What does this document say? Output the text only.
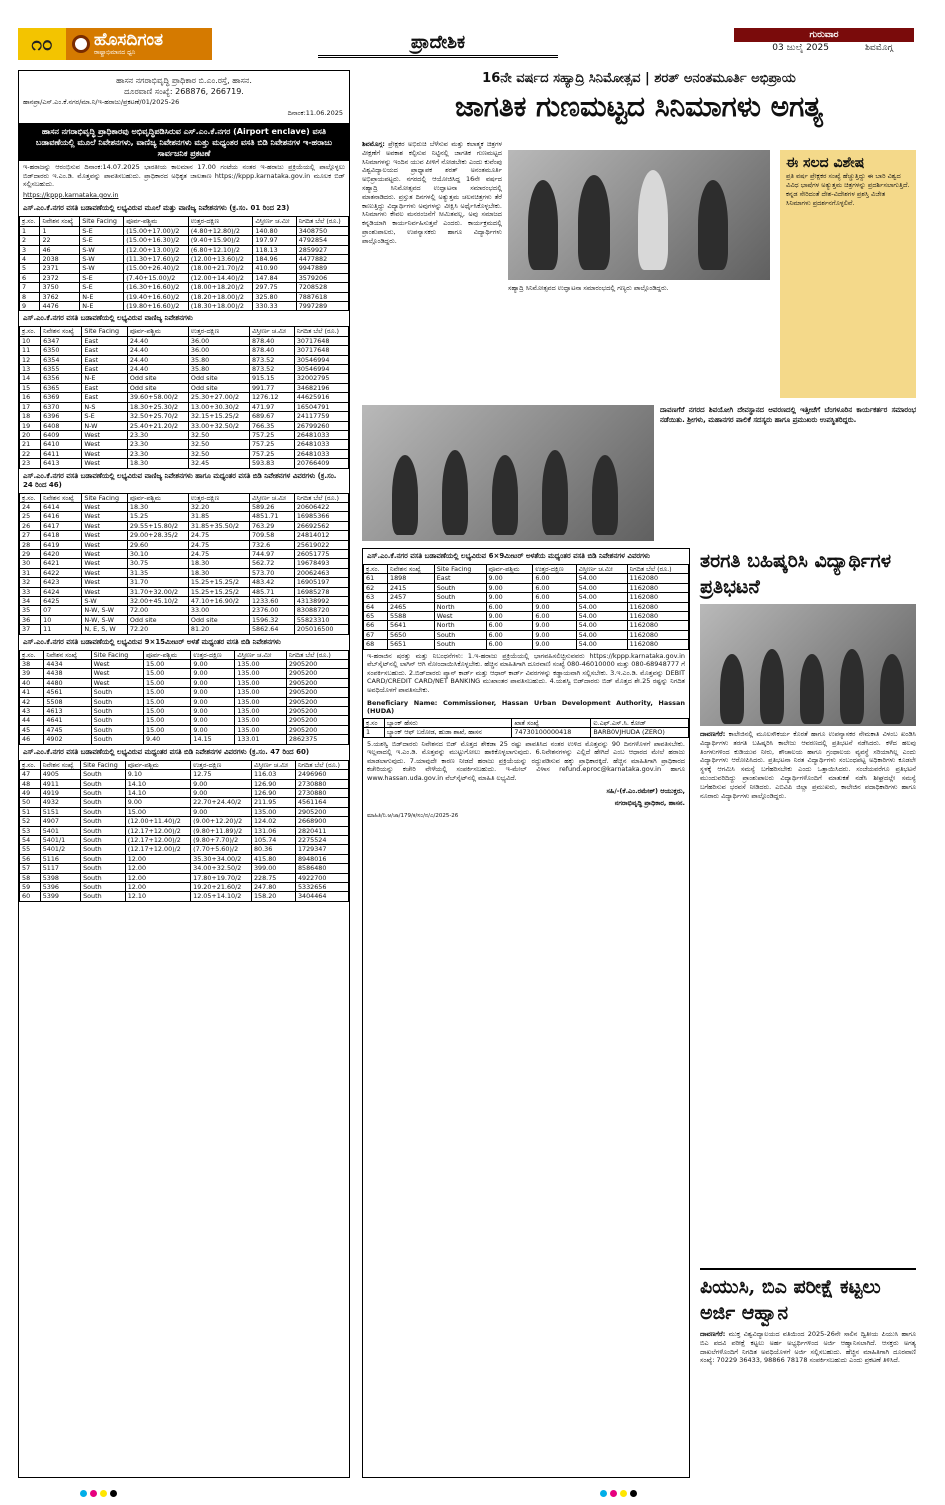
೧೦	ಹೊಸದಿಗಂತ
ರಾಷ್ಟ್ರಾಭಿಮಾನದ ಧ್ವನಿ	ಪ್ರಾದೇಶಿಕ	ಗುರುವಾರ
03 ಜುಲೈ 2025	ಶಿವಮೊಗ್ಗ
ಹಾಸನ ನಗರಾಭಿವೃದ್ಧಿ ಪ್ರಾಧಿಕಾರ ಬಿ.ಎಂ.ರಸ್ತೆ, ಹಾಸನ.
ದೂರವಾಣಿ ಸಂಖ್ಯೆ: 268876, 266719.
ಹಾನಪ್ರಾ/ಎಸ್.ಎಂ.ಕೆ.ನಗರ/ಮಾ.ನಿ/ಇ-ಹರಾಜು/ಪ್ರಕಟಣೆ/01/2025-26
ದಿನಾಂಕ:11.06.2025
ಹಾಸನ ನಗರಾಭಿವೃದ್ಧಿ ಪ್ರಾಧಿಕಾರವು ಅಭಿವೃದ್ಧಿಪಡಿಸಿರುವ ಎಸ್.ಎಂ.ಕೆ.ನಗರ (Airport enclave) ವಸತಿ ಬಡಾವಣೆಯಲ್ಲಿ ಮೂಲೆ ನಿವೇಶನಗಳು, ವಾಣಿಜ್ಯ ನಿವೇಶನಗಳು ಮತ್ತು ಮಧ್ಯಂತರ ವಸತಿ ಬಿಡಿ ನಿವೇಶನಗಳ ಇ-ಹರಾಜು ಸಾರ್ವಜನಿಕ ಪ್ರಕಟಣೆ
ಇ-ಹರಾಜನ್ನು ಆರಂಭಿಸುವ ದಿನಾಂಕ:14.07.2025 ಭಾರತೀಯ ಕಾಲಮಾನ 17.00 ಗಂಟೆಯ ನಂತರ ಇ-ಹರಾಜು ಪ್ರಕ್ರಿಯೆಯಲ್ಲಿ ಪಾಲ್ಗೊಳ್ಳಲು ಬಿಡ್‌ದಾರರು ಇ.ಎಂ.ಡಿ. ಮೊತ್ತವನ್ನು ಪಾವತಿಸಬಹುದು. ಪ್ರಾಧಿಕಾರದ ಅಧಿಕೃತ ಜಾಲತಾಣ https://kppp.karnataka.gov.in ಮೂಲಕ ಬಿಡ್ ಸಲ್ಲಿಸಬಹುದು.
https://kppp.karnataka.gov.in
ಎಸ್.ಎಂ.ಕೆ.ನಗರ ವಸತಿ ಬಡಾವಣೆಯಲ್ಲಿ ಲಭ್ಯವಿರುವ ಮೂಲೆ ಮತ್ತು ವಾಣಿಜ್ಯ ನಿವೇಶನಗಳು (ಕ್ರ.ಸಂ. 01 ರಿಂದ 23)
ಕ್ರ.ಸಂ.	ನಿವೇಶನ ಸಂಖ್ಯೆ	Site Facing	ಪೂರ್ವ-ಪಶ್ಚಿಮ	ಉತ್ತರ-ದಕ್ಷಿಣ	ವಿಸ್ತೀರ್ಣ ಚ.ಮೀ	ನಿಗದಿತ ಬೆಲೆ (ರೂ.)
1	1	S-E	(15.00+17.00)/2	(4.80+12.80)/2	140.80	3408750
2	22	S-E	(15.00+16.30)/2	(9.40+15.90)/2	197.97	4792854
3	46	S-W	(12.00+13.00)/2	(6.80+12.10)/2	118.13	2859927
4	2038	S-W	(11.30+17.60)/2	(12.00+13.60)/2	184.96	4477882
5	2371	S-W	(15.00+26.40)/2	(18.00+21.70)/2	410.90	9947889
6	2372	S-E	(7.40+15.00)/2	(12.00+14.40)/2	147.84	3579206
7	3750	S-E	(16.30+16.60)/2	(18.00+18.20)/2	297.75	7208528
8	3762	N-E	(19.40+16.60)/2	(18.20+18.00)/2	325.80	7887618
9	4476	N-E	(19.80+16.60)/2	(18.30+18.00)/2	330.33	7997289
ಎಸ್.ಎಂ.ಕೆ.ನಗರ ವಸತಿ ಬಡಾವಣೆಯಲ್ಲಿ ಲಭ್ಯವಿರುವ ವಾಣಿಜ್ಯ ನಿವೇಶನಗಳು
ಕ್ರ.ಸಂ.	ನಿವೇಶನ ಸಂಖ್ಯೆ	Site Facing	ಪೂರ್ವ-ಪಶ್ಚಿಮ	ಉತ್ತರ-ದಕ್ಷಿಣ	ವಿಸ್ತೀರ್ಣ ಚ.ಮೀ	ನಿಗದಿತ ಬೆಲೆ (ರೂ.)
10	6347	East	24.40	36.00	878.40	30717648
11	6350	East	24.40	36.00	878.40	30717648
12	6354	East	24.40	35.80	873.52	30546994
13	6355	East	24.40	35.80	873.52	30546994
14	6356	N-E	Odd site	Odd site	915.15	32002795
15	6365	East	Odd site	Odd site	991.77	34682196
16	6369	East	39.60+58.00/2	25.30+27.00/2	1276.12	44625916
17	6370	N-S	18.30+25.30/2	13.00+30.30/2	471.97	16504791
18	6396	S-E	32.50+25.70/2	32.15+15.25/2	689.67	24117759
19	6408	N-W	25.40+21.20/2	33.00+32.50/2	766.35	26799260
20	6409	West	23.30	32.50	757.25	26481033
21	6410	West	23.30	32.50	757.25	26481033
22	6411	West	23.30	32.50	757.25	26481033
23	6413	West	18.30	32.45	593.83	20766409
ಎಸ್.ಎಂ.ಕೆ.ನಗರ ವಸತಿ ಬಡಾವಣೆಯಲ್ಲಿ ಲಭ್ಯವಿರುವ ವಾಣಿಜ್ಯ ನಿವೇಶನಗಳು ಹಾಗೂ ಮಧ್ಯಂತರ ವಸತಿ ಬಿಡಿ ನಿವೇಶನಗಳ ವಿವರಗಳು (ಕ್ರ.ಸಂ. 24 ರಿಂದ 46)
ಕ್ರ.ಸಂ.	ನಿವೇಶನ ಸಂಖ್ಯೆ	Site Facing	ಪೂರ್ವ-ಪಶ್ಚಿಮ	ಉತ್ತರ-ದಕ್ಷಿಣ	ವಿಸ್ತೀರ್ಣ ಚ.ಮೀ	ನಿಗದಿತ ಬೆಲೆ (ರೂ.)
24	6414	West	18.30	32.20	589.26	20606422
25	6416	West	15.25	31.85	4851.71	16985366
26	6417	West	29.55+15.80/2	31.85+35.50/2	763.29	26692562
27	6418	West	29.00+28.35/2	24.75	709.58	24814012
28	6419	West	29.60	24.75	732.6	25619022
29	6420	West	30.10	24.75	744.97	26051775
30	6421	West	30.75	18.30	562.72	19678493
31	6422	West	31.35	18.30	573.70	20062463
32	6423	West	31.70	15.25+15.25/2	483.42	16905197
33	6424	West	31.70+32.00/2	15.25+15.25/2	485.71	16985278
34	6425	S-W	32.00+45.10/2	47.10+16.90/2	1233.60	43138992
35	07	N-W, S-W	72.00	33.00	2376.00	83088720
36	10	N-W, S-W	Odd site	Odd site	1596.32	55823310
37	11	N, E, S, W	72.20	81.20	5862.64	205016500
ಎಸ್.ಎಂ.ಕೆ.ನಗರ ವಸತಿ ಬಡಾವಣೆಯಲ್ಲಿ ಲಭ್ಯವಿರುವ 9×15ಮೀಟರ್ ಅಳತೆ ಮಧ್ಯಂತರ ವಸತಿ ಬಿಡಿ ನಿವೇಶನಗಳು
ಕ್ರ.ಸಂ.	ನಿವೇಶನ ಸಂಖ್ಯೆ	Site Facing	ಪೂರ್ವ-ಪಶ್ಚಿಮ	ಉತ್ತರ-ದಕ್ಷಿಣ	ವಿಸ್ತೀರ್ಣ ಚ.ಮೀ	ನಿಗದಿತ ಬೆಲೆ (ರೂ.)
38	4434	West	15.00	9.00	135.00	2905200
39	4438	West	15.00	9.00	135.00	2905200
40	4480	West	15.00	9.00	135.00	2905200
41	4561	South	15.00	9.00	135.00	2905200
42	5508	South	15.00	9.00	135.00	2905200
43	4613	South	15.00	9.00	135.00	2905200
44	4641	South	15.00	9.00	135.00	2905200
45	4745	South	15.00	9.00	135.00	2905200
46	4902	South	9.40	14.15	133.01	2862375
ಎಸ್.ಎಂ.ಕೆ.ನಗರ ವಸತಿ ಬಡಾವಣೆಯಲ್ಲಿ ಲಭ್ಯವಿರುವ ಮಧ್ಯಂತರ ವಸತಿ ಬಿಡಿ ನಿವೇಶನಗಳ ವಿವರಗಳು (ಕ್ರ.ಸಂ. 47 ರಿಂದ 60)
ಕ್ರ.ಸಂ.	ನಿವೇಶನ ಸಂಖ್ಯೆ	Site Facing	ಪೂರ್ವ-ಪಶ್ಚಿಮ	ಉತ್ತರ-ದಕ್ಷಿಣ	ವಿಸ್ತೀರ್ಣ ಚ.ಮೀ	ನಿಗದಿತ ಬೆಲೆ (ರೂ.)
47	4905	South	9.10	12.75	116.03	2496960
48	4911	South	14.10	9.00	126.90	2730880
49	4919	South	14.10	9.00	126.90	2730880
50	4932	South	9.00	22.70+24.40/2	211.95	4561164
51	5151	South	15.00	9.00	135.00	2905200
52	4907	South	(12.00+11.40)/2	(9.00+12.20)/2	124.02	2668900
53	5401	South	(12.17+12.00)/2	(9.80+11.89)/2	131.06	2820411
54	5401/1	South	(12.17+12.00)/2	(9.80+7.70)/2	105.74	2275524
55	5401/2	South	(12.17+12.00)/2	(7.70+5.60)/2	80.36	1729347
56	5116	South	12.00	35.30+34.00/2	415.80	8948016
57	5117	South	12.00	34.00+32.50/2	399.00	8586480
58	5398	South	12.00	17.80+19.70/2	228.75	4922700
59	5396	South	12.00	19.20+21.60/2	247.80	5332656
60	5399	South	12.10	12.05+14.10/2	158.20	3404464
16ನೇ ವರ್ಷದ ಸಹ್ಯಾದ್ರಿ ಸಿನಿಮೋತ್ಸವ | ಶರತ್ ಅನಂತಮೂರ್ತಿ ಅಭಿಪ್ರಾಯ
ಜಾಗತಿಕ ಗುಣಮಟ್ಟದ ಸಿನಿಮಾಗಳು ಅಗತ್ಯ
ಶಿವಮೊಗ್ಗ: ಪ್ರೇಕ್ಷಕರ ಅಭಿರುಚಿ ಬೆಳೆಸುವ ಮತ್ತು ಕಲಾತ್ಮಕ ಚಿತ್ರಗಳ ವೀಕ್ಷಣೆಗೆ ಅವಕಾಶ ಕಲ್ಪಿಸುವ ನಿಟ್ಟಿನಲ್ಲಿ ಜಾಗತಿಕ ಗುಣಮಟ್ಟದ ಸಿನಿಮಾಗಳನ್ನು ಇಂದಿನ ಯುವ ಪೀಳಿಗೆ ನೋಡಬೇಕು ಎಂದು ಕುವೆಂಪು ವಿಶ್ವವಿದ್ಯಾಲಯದ ಪ್ರಾಧ್ಯಾಪಕ ಶರತ್ ಅನಂತಮೂರ್ತಿ ಅಭಿಪ್ರಾಯಪಟ್ಟರು. ನಗರದಲ್ಲಿ ಆಯೋಜಿಸಿದ್ದ 16ನೇ ವರ್ಷದ ಸಹ್ಯಾದ್ರಿ ಸಿನಿಮೋತ್ಸವದ ಉದ್ಘಾಟನಾ ಸಮಾರಂಭದಲ್ಲಿ ಮಾತನಾಡಿದರು. ಪ್ರಸ್ತುತ ದಿನಗಳಲ್ಲಿ ಅತ್ಯುತ್ತಮ ಚಲನಚಿತ್ರಗಳು ತೆರೆ ಕಾಣುತ್ತಿದ್ದು ವಿದ್ಯಾರ್ಥಿಗಳು ಅವುಗಳನ್ನು ವೀಕ್ಷಿಸಿ ಅರ್ಥೈಸಿಕೊಳ್ಳಬೇಕು. ಸಿನಿಮಾಗಳು ಕೇವಲ ಮನರಂಜನೆಗೆ ಸೀಮಿತವಲ್ಲ, ಅವು ಸಮಾಜದ ಕನ್ನಡಿಯಾಗಿ ಕಾರ್ಯನಿರ್ವಹಿಸುತ್ತವೆ ಎಂದರು. ಕಾರ್ಯಕ್ರಮದಲ್ಲಿ ಪ್ರಾಂಶುಪಾಲರು, ಉಪನ್ಯಾಸಕರು ಹಾಗೂ ವಿದ್ಯಾರ್ಥಿಗಳು ಪಾಲ್ಗೊಂಡಿದ್ದರು.
ಸಹ್ಯಾದ್ರಿ ಸಿನಿಮೋತ್ಸವದ ಉದ್ಘಾಟನಾ ಸಮಾರಂಭದಲ್ಲಿ ಗಣ್ಯರು ಪಾಲ್ಗೊಂಡಿದ್ದರು.
ಈ ಸಲದ ವಿಶೇಷ
ಪ್ರತಿ ವರ್ಷ ಪ್ರೇಕ್ಷಕರ ಸಂಖ್ಯೆ ಹೆಚ್ಚುತ್ತಿದ್ದು ಈ ಬಾರಿ ವಿಶ್ವದ ವಿವಿಧ ಭಾಷೆಗಳ ಅತ್ಯುತ್ತಮ ಚಿತ್ರಗಳನ್ನು ಪ್ರದರ್ಶಿಸಲಾಗುತ್ತಿದೆ. ಕನ್ನಡ ಸೇರಿದಂತೆ ದೇಶ-ವಿದೇಶಗಳ ಪ್ರಶಸ್ತಿ ವಿಜೇತ ಸಿನಿಮಾಗಳು ಪ್ರದರ್ಶನಗೊಳ್ಳಲಿವೆ.
ದಾವಣಗೆರೆ ನಗರದ ಶಿವಯೋಗಿ ದೇವಸ್ಥಾನದ ಆವರಣದಲ್ಲಿ ಇತ್ತೀಚೆಗೆ ಬೆಂಗಳೂರಿನ ಕಾರ್ಯಕರ್ತರ ಸಮಾರಂಭ ನಡೆಯಿತು. ಶ್ರೀಗಳು, ಮಹಾನಗರ ಪಾಲಿಕೆ ಸದಸ್ಯರು ಹಾಗೂ ಪ್ರಮುಖರು ಉಪಸ್ಥಿತರಿದ್ದರು.
ಎಸ್.ಎಂ.ಕೆ.ನಗರ ವಸತಿ ಬಡಾವಣೆಯಲ್ಲಿ ಲಭ್ಯವಿರುವ 6×9ಮೀಟರ್ ಅಳತೆಯ ಮಧ್ಯಂತರ ವಸತಿ ಬಿಡಿ ನಿವೇಶನಗಳ ವಿವರಗಳು
ಕ್ರ.ಸಂ.	ನಿವೇಶನ ಸಂಖ್ಯೆ	Site Facing	ಪೂರ್ವ-ಪಶ್ಚಿಮ	ಉತ್ತರ-ದಕ್ಷಿಣ	ವಿಸ್ತೀರ್ಣ ಚ.ಮೀ	ನಿಗದಿತ ಬೆಲೆ (ರೂ.)
61	1898	East	9.00	6.00	54.00	1162080
62	2415	South	9.00	6.00	54.00	1162080
63	2457	South	9.00	6.00	54.00	1162080
64	2465	North	6.00	9.00	54.00	1162080
65	5588	West	9.00	6.00	54.00	1162080
66	5641	North	6.00	9.00	54.00	1162080
67	5650	South	6.00	9.00	54.00	1162080
68	5651	South	6.00	9.00	54.00	1162080
ಇ-ಹರಾಜಿನ ಷರತ್ತು ಮತ್ತು ನಿಬಂಧನೆಗಳು: 1.ಇ-ಹರಾಜು ಪ್ರಕ್ರಿಯೆಯಲ್ಲಿ ಭಾಗವಹಿಸಲಿಚ್ಛಿಸುವವರು https://kppp.karnataka.gov.in ವೆಬ್‌ಸೈಟ್‌ನಲ್ಲಿ ಲಾಗಿನ್ ಆಗಿ ನೋಂದಾಯಿಸಿಕೊಳ್ಳಬೇಕು. ಹೆಚ್ಚಿನ ಮಾಹಿತಿಗಾಗಿ ದೂರವಾಣಿ ಸಂಖ್ಯೆ 080-46010000 ಮತ್ತು 080-68948777 ಗೆ ಸಂಪರ್ಕಿಸಬಹುದು. 2.ಬಿಡ್‌ದಾರರು ಪ್ಯಾನ್ ಕಾರ್ಡ್ ಮತ್ತು ಆಧಾರ್ ಕಾರ್ಡ್ ವಿವರಗಳನ್ನು ಕಡ್ಡಾಯವಾಗಿ ಸಲ್ಲಿಸಬೇಕು. 3.ಇ.ಎಂ.ಡಿ. ಮೊತ್ತವನ್ನು DEBIT CARD/CREDIT CARD/NET BANKING ಮುಖಾಂತರ ಪಾವತಿಸಬಹುದು. 4.ಯಶಸ್ವಿ ಬಿಡ್‌ದಾರರು ಬಿಡ್ ಮೊತ್ತದ ಶೇ.25 ರಷ್ಟನ್ನು ನಿಗದಿತ ಅವಧಿಯೊಳಗೆ ಪಾವತಿಸಬೇಕು.
Beneficiary Name: Commissioner, Hassan Urban Development Authority, Hassan (HUDA)
ಕ್ರ.ಸಂ	ಬ್ಯಾಂಕ್ ಹೆಸರು	ಖಾತೆ ಸಂಖ್ಯೆ	ಐ.ಎಫ್.ಎಸ್.ಸಿ. ಕೋಡ್
1	ಬ್ಯಾಂಕ್ ಆಫ್ ಬರೋಡ, ಹುಡಾ ಶಾಖೆ, ಹಾಸನ	74730100000418	BARB0VJHUDA (ZERO)
5.ಯಶಸ್ವಿ ಬಿಡ್‌ದಾರರು ನಿವೇಶನದ ಬಿಡ್ ಮೊತ್ತದ ಶೇಕಡಾ 25 ರಷ್ಟು ಪಾವತಿಸಿದ ನಂತರ ಉಳಿದ ಮೊತ್ತವನ್ನು 90 ದಿನಗಳೊಳಗೆ ಪಾವತಿಸಬೇಕು. ಇಲ್ಲವಾದಲ್ಲಿ ಇ.ಎಂ.ಡಿ. ಮೊತ್ತವನ್ನು ಮುಟ್ಟುಗೋಲು ಹಾಕಿಕೊಳ್ಳಲಾಗುವುದು. 6.ನಿವೇಶನಗಳನ್ನು ಎಲ್ಲಿದೆ ಹೇಗಿದೆ ಎಂಬ ಆಧಾರದ ಮೇಲೆ ಹರಾಜು ಮಾಡಲಾಗುವುದು. 7.ಯಾವುದೇ ಕಾರಣ ನೀಡದೆ ಹರಾಜು ಪ್ರಕ್ರಿಯೆಯನ್ನು ರದ್ದುಪಡಿಸುವ ಹಕ್ಕು ಪ್ರಾಧಿಕಾರಕ್ಕಿದೆ. ಹೆಚ್ಚಿನ ಮಾಹಿತಿಗಾಗಿ ಪ್ರಾಧಿಕಾರದ ಕಚೇರಿಯನ್ನು ಕಚೇರಿ ವೇಳೆಯಲ್ಲಿ ಸಂಪರ್ಕಿಸಬಹುದು. ಇ-ಮೇಲ್ ವಿಳಾಸ refund.eproc@karnataka.gov.in ಹಾಗೂ www.hassan.uda.gov.in ವೆಬ್‌ಸೈಟ್‌ನಲ್ಲಿ ಮಾಹಿತಿ ಲಭ್ಯವಿದೆ.
ಸಹಿ/-(ಕೆ.ಎಂ.ರಮೇಶ್) ಆಯುಕ್ತರು,
ನಗರಾಭಿವೃದ್ಧಿ ಪ್ರಾಧಿಕಾರ, ಹಾಸನ.
ಮಾಹಿತಿ/ನಿ.ಆ/ಜಾ/179/ಕ/ಸ೦/ನ/ಎ/2025-26
ತರಗತಿ ಬಹಿಷ್ಕರಿಸಿ ವಿದ್ಯಾರ್ಥಿಗಳ ಪ್ರತಿಭಟನೆ
ದಾವಣಗೆರೆ: ಕಾಲೇಜಿನಲ್ಲಿ ಮೂಲಸೌಕರ್ಯ ಕೊರತೆ ಹಾಗೂ ಉಪನ್ಯಾಸಕರ ನೇಮಕಾತಿ ವಿಳಂಬ ಖಂಡಿಸಿ ವಿದ್ಯಾರ್ಥಿಗಳು ತರಗತಿ ಬಹಿಷ್ಕರಿಸಿ ಕಾಲೇಜು ಆವರಣದಲ್ಲಿ ಪ್ರತಿಭಟನೆ ನಡೆಸಿದರು. ಕಳೆದ ಹಲವು ತಿಂಗಳುಗಳಿಂದ ಕುಡಿಯುವ ನೀರು, ಶೌಚಾಲಯ ಹಾಗೂ ಗ್ರಂಥಾಲಯ ವ್ಯವಸ್ಥೆ ಸರಿಯಾಗಿಲ್ಲ ಎಂದು ವಿದ್ಯಾರ್ಥಿಗಳು ಆರೋಪಿಸಿದರು. ಪ್ರತಿಭಟನಾ ನಿರತ ವಿದ್ಯಾರ್ಥಿಗಳು ಸಂಬಂಧಪಟ್ಟ ಅಧಿಕಾರಿಗಳು ಕೂಡಲೇ ಸ್ಥಳಕ್ಕೆ ಆಗಮಿಸಿ ಸಮಸ್ಯೆ ಬಗೆಹರಿಸಬೇಕು ಎಂದು ಒತ್ತಾಯಿಸಿದರು. ಸಂಜೆಯವರೆಗೂ ಪ್ರತಿಭಟನೆ ಮುಂದುವರಿದಿದ್ದು ಪ್ರಾಂಶುಪಾಲರು ವಿದ್ಯಾರ್ಥಿಗಳೊಂದಿಗೆ ಮಾತುಕತೆ ನಡೆಸಿ ಶೀಘ್ರದಲ್ಲೇ ಸಮಸ್ಯೆ ಬಗೆಹರಿಸುವ ಭರವಸೆ ನೀಡಿದರು. ಎಬಿವಿಪಿ ಜಿಲ್ಲಾ ಪ್ರಮುಖರು, ಕಾಲೇಜಿನ ಪದಾಧಿಕಾರಿಗಳು ಹಾಗೂ ನೂರಾರು ವಿದ್ಯಾರ್ಥಿಗಳು ಪಾಲ್ಗೊಂಡಿದ್ದರು.
ಪಿಯುಸಿ, ಬಿಎ ಪರೀಕ್ಷೆ ಕಟ್ಟಲು ಅರ್ಜಿ ಆಹ್ವಾನ
ದಾವಣಗೆರೆ: ಮುಕ್ತ ವಿಶ್ವವಿದ್ಯಾಲಯದ ವತಿಯಿಂದ 2025-26ನೇ ಸಾಲಿನ ದ್ವಿತೀಯ ಪಿಯುಸಿ ಹಾಗೂ ಬಿಎ ಪದವಿ ಪರೀಕ್ಷೆ ಕಟ್ಟಲು ಅರ್ಹ ಅಭ್ಯರ್ಥಿಗಳಿಂದ ಅರ್ಜಿ ಆಹ್ವಾನಿಸಲಾಗಿದೆ. ಆಸಕ್ತರು ಅಗತ್ಯ ದಾಖಲೆಗಳೊಂದಿಗೆ ನಿಗದಿತ ಅವಧಿಯೊಳಗೆ ಅರ್ಜಿ ಸಲ್ಲಿಸಬಹುದು. ಹೆಚ್ಚಿನ ಮಾಹಿತಿಗಾಗಿ ದೂರವಾಣಿ ಸಂಖ್ಯೆ: 70229 36433, 98866 78178 ಸಂಪರ್ಕಿಸಬಹುದು ಎಂದು ಪ್ರಕಟಣೆ ತಿಳಿಸಿದೆ.
